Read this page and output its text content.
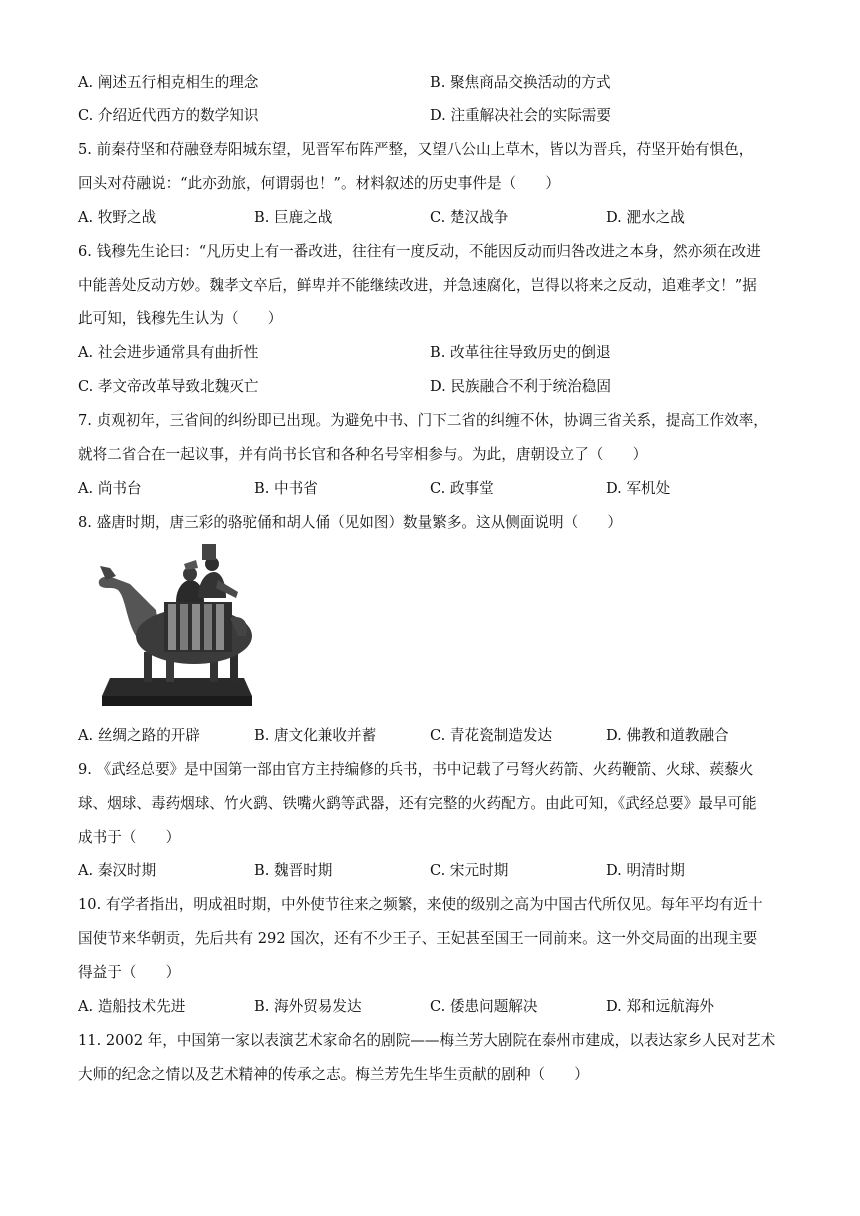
A. 阐述五行相克相生的理念	B. 聚焦商品交换活动的方式
C. 介绍近代西方的数学知识	D. 注重解决社会的实际需要
5. 前秦苻坚和苻融登寿阳城东望，见晋军布阵严整，又望八公山上草木，皆以为晋兵，苻坚开始有惧色，
回头对苻融说：“此亦劲旅，何谓弱也！”。材料叙述的历史事件是（　　）
A. 牧野之战	B. 巨鹿之战	C. 楚汉战争	D. 淝水之战
6. 钱穆先生论曰：“凡历史上有一番改进，往往有一度反动，不能因反动而归咎改进之本身，然亦须在改进
中能善处反动方妙。魏孝文卒后，鲜卑并不能继续改进，并急速腐化，岂得以将来之反动，追难孝文！”据
此可知，钱穆先生认为（　　）
A. 社会进步通常具有曲折性	B. 改革往往导致历史的倒退
C. 孝文帝改革导致北魏灭亡	D. 民族融合不利于统治稳固
7. 贞观初年，三省间的纠纷即已出现。为避免中书、门下二省的纠缠不休，协调三省关系，提高工作效率，
就将二省合在一起议事，并有尚书长官和各种名号宰相参与。为此，唐朝设立了（　　）
A. 尚书台	B. 中书省	C. 政事堂	D. 军机处
8. 盛唐时期，唐三彩的骆驼俑和胡人俑（见如图）数量繁多。这从侧面说明（　　）
A. 丝绸之路的开辟	B. 唐文化兼收并蓄	C. 青花瓷制造发达	D. 佛教和道教融合
9. 《武经总要》是中国第一部由官方主持编修的兵书，书中记载了弓弩火药箭、火药鞭箭、火球、蒺藜火
球、烟球、毒药烟球、竹火鹞、铁嘴火鹞等武器，还有完整的火药配方。由此可知，《武经总要》最早可能
成书于（　　）
A. 秦汉时期	B. 魏晋时期	C. 宋元时期	D. 明清时期
10. 有学者指出，明成祖时期，中外使节往来之频繁，来使的级别之高为中国古代所仅见。每年平均有近十
国使节来华朝贡，先后共有 292 国次，还有不少王子、王妃甚至国王一同前来。这一外交局面的出现主要
得益于（　　）
A. 造船技术先进	B. 海外贸易发达	C. 倭患问题解决	D. 郑和远航海外
11. 2002 年，中国第一家以表演艺术家命名的剧院——梅兰芳大剧院在泰州市建成，以表达家乡人民对艺术
大师的纪念之情以及艺术精神的传承之志。梅兰芳先生毕生贡献的剧种（　　）
